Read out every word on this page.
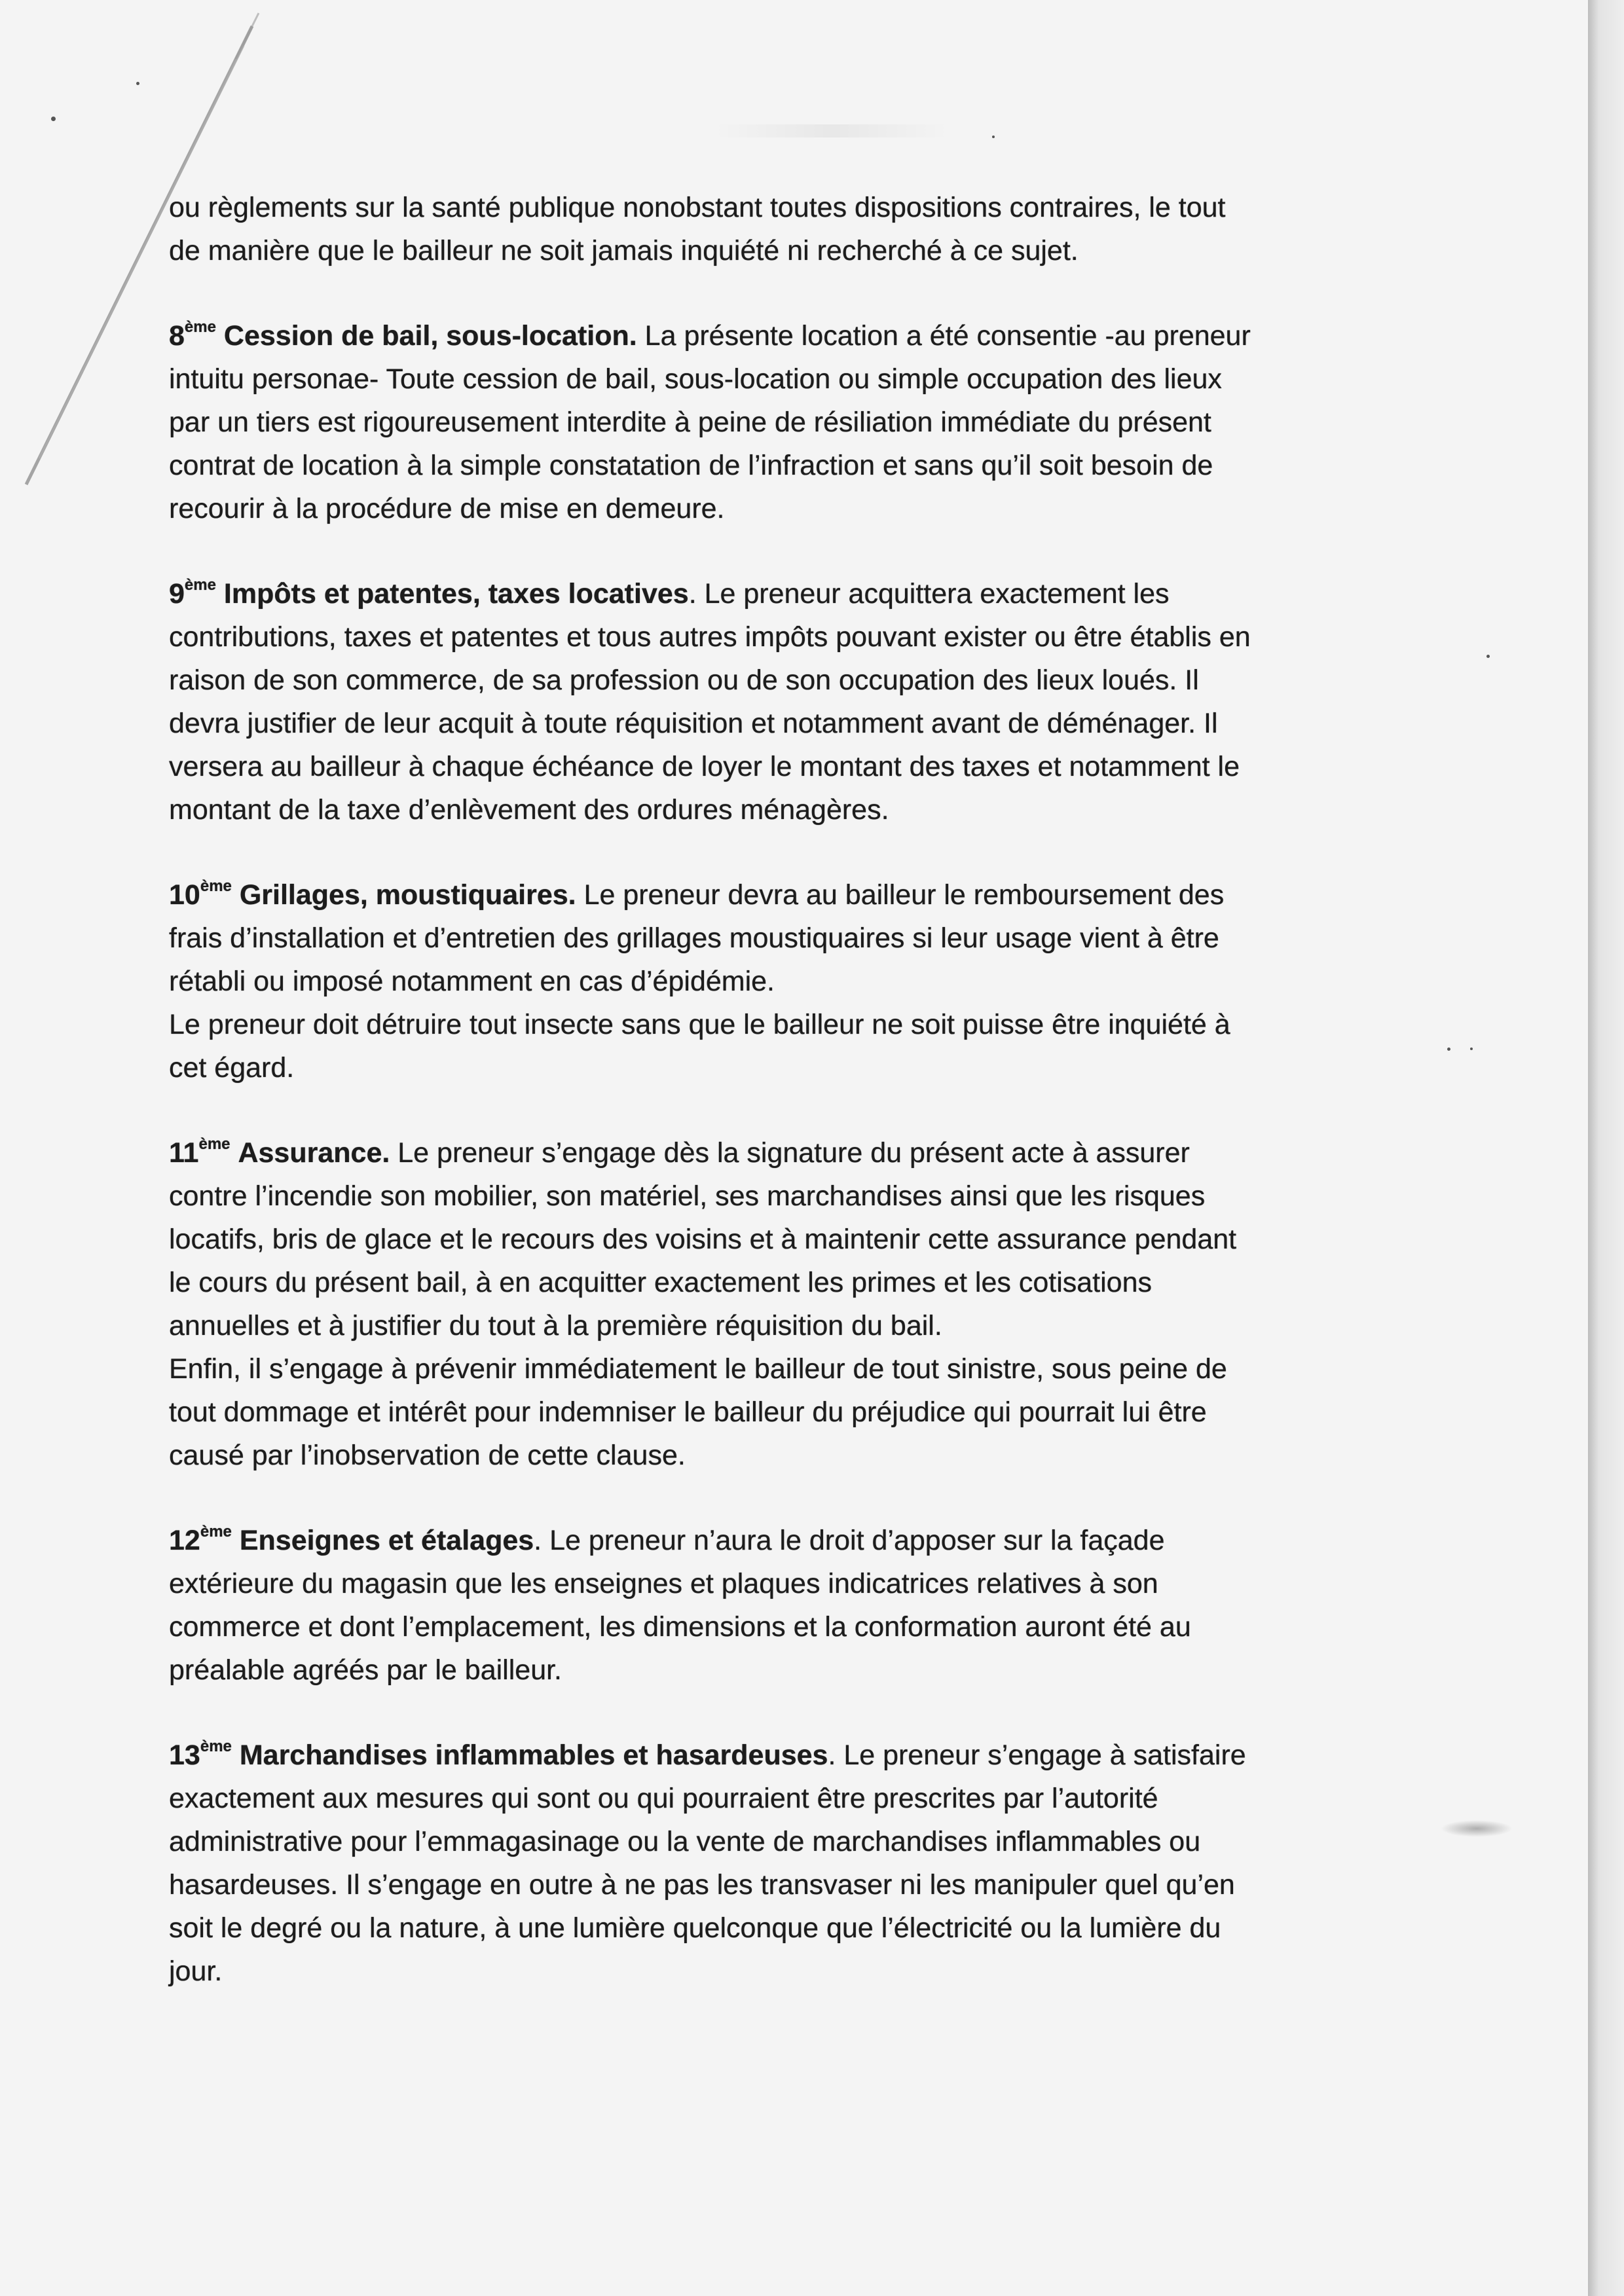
ou règlements sur la santé publique nonobstant toutes dispositions contraires, le tout
de manière que le bailleur ne soit jamais inquiété ni recherché à ce sujet.
8ème Cession de bail, sous-location. La présente location a été consentie -au preneur
intuitu personae- Toute cession de bail, sous-location ou simple occupation des lieux
par un tiers est rigoureusement interdite à peine de résiliation immédiate du présent
contrat de location à la simple constatation de l’infraction et sans qu’il soit besoin de
recourir à la procédure de mise en demeure.
9ème Impôts et patentes, taxes locatives. Le preneur acquittera exactement les
contributions, taxes et patentes et tous autres impôts pouvant exister ou être établis en
raison de son commerce, de sa profession ou de son occupation des lieux loués. Il
devra justifier de leur acquit à toute réquisition et notamment avant de déménager. Il
versera au bailleur à chaque échéance de loyer le montant des taxes et notamment le
montant de la taxe d’enlèvement des ordures ménagères.
10ème Grillages, moustiquaires. Le preneur devra au bailleur le remboursement des
frais d’installation et d’entretien des grillages moustiquaires si leur usage vient à être
rétabli ou imposé notamment en cas d’épidémie.
Le preneur doit détruire tout insecte sans que le bailleur ne soit puisse être inquiété à
cet égard.
11ème Assurance. Le preneur s’engage dès la signature du présent acte à assurer
contre l’incendie son mobilier, son matériel, ses marchandises ainsi que les risques
locatifs, bris de glace et le recours des voisins et à maintenir cette assurance pendant
le cours du présent bail, à en acquitter exactement les primes et les cotisations
annuelles et à justifier du tout à la première réquisition du bail.
Enfin, il s’engage à prévenir immédiatement le bailleur de tout sinistre, sous peine de
tout dommage et intérêt pour indemniser le bailleur du préjudice qui pourrait lui être
causé par l’inobservation de cette clause.
12ème Enseignes et étalages. Le preneur n’aura le droit d’apposer sur la façade
extérieure du magasin que les enseignes et plaques indicatrices relatives à son
commerce et dont l’emplacement, les dimensions et la conformation auront été au
préalable agréés par le bailleur.
13ème Marchandises inflammables et hasardeuses. Le preneur s’engage à satisfaire
exactement aux mesures qui sont ou qui pourraient être prescrites par l’autorité
administrative pour l’emmagasinage ou la vente de marchandises inflammables ou
hasardeuses. Il s’engage en outre à ne pas les transvaser ni les manipuler quel qu’en
soit le degré ou la nature, à une lumière quelconque que l’électricité ou la lumière du
jour.
